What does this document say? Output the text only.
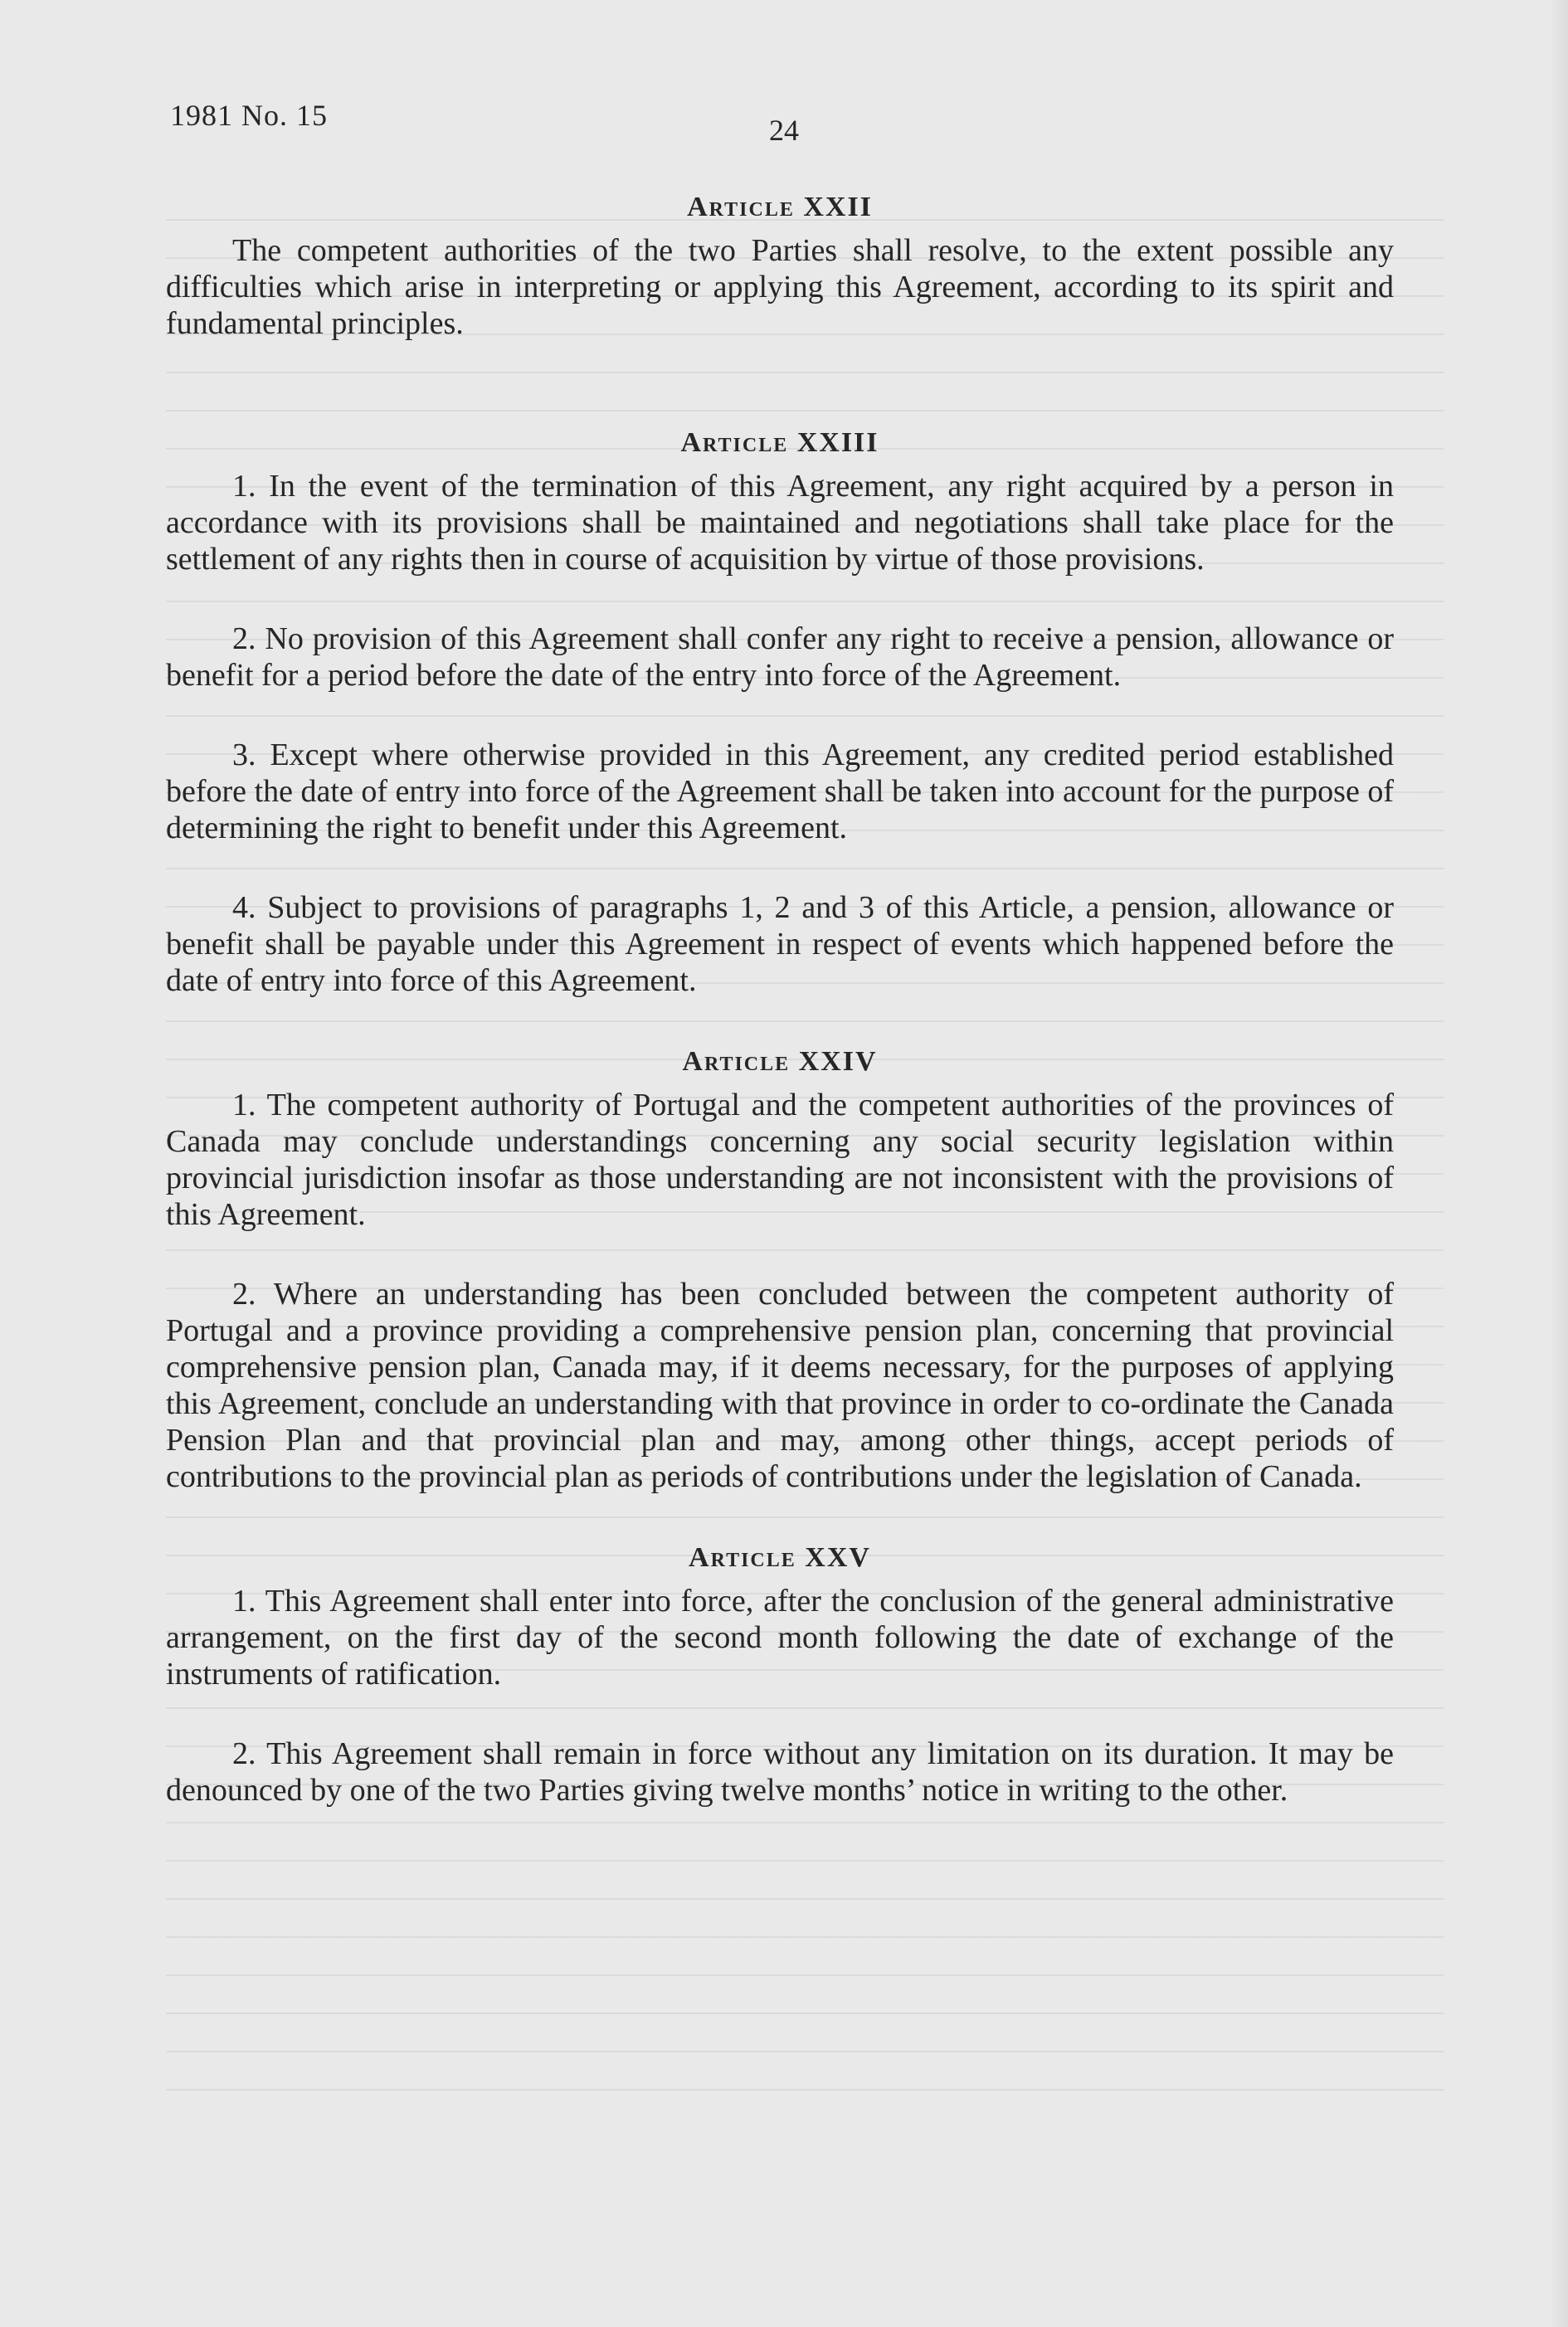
1981 No. 15	24
Article XXII

The competent authorities of the two Parties shall resolve, to the extent possible any difficulties which arise in interpreting or applying this Agreement, according to its spirit and fundamental principles.

Article XXIII

1. In the event of the termination of this Agreement, any right acquired by a person in accordance with its provisions shall be maintained and negotiations shall take place for the settlement of any rights then in course of acquisition by virtue of those provisions.

2. No provision of this Agreement shall confer any right to receive a pension, allowance or benefit for a period before the date of the entry into force of the Agreement.

3. Except where otherwise provided in this Agreement, any credited period established before the date of entry into force of the Agreement shall be taken into account for the purpose of determining the right to benefit under this Agreement.

4. Subject to provisions of paragraphs 1, 2 and 3 of this Article, a pension, allowance or benefit shall be payable under this Agreement in respect of events which happened before the date of entry into force of this Agreement.

Article XXIV

1. The competent authority of Portugal and the competent authorities of the provinces of Canada may conclude understandings concerning any social security legislation within provincial jurisdiction insofar as those understanding are not inconsistent with the provisions of this Agreement.

2. Where an understanding has been concluded between the competent authority of Portugal and a province providing a comprehensive pension plan, concerning that provincial comprehensive pension plan, Canada may, if it deems necessary, for the purposes of applying this Agreement, conclude an understanding with that province in order to co-ordinate the Canada Pension Plan and that provincial plan and may, among other things, accept periods of contributions to the provincial plan as periods of contributions under the legislation of Canada.

Article XXV

1. This Agreement shall enter into force, after the conclusion of the general administrative arrangement, on the first day of the second month following the date of exchange of the instruments of ratification.

2. This Agreement shall remain in force without any limitation on its duration. It may be denounced by one of the two Parties giving twelve months’ notice in writing to the other.
